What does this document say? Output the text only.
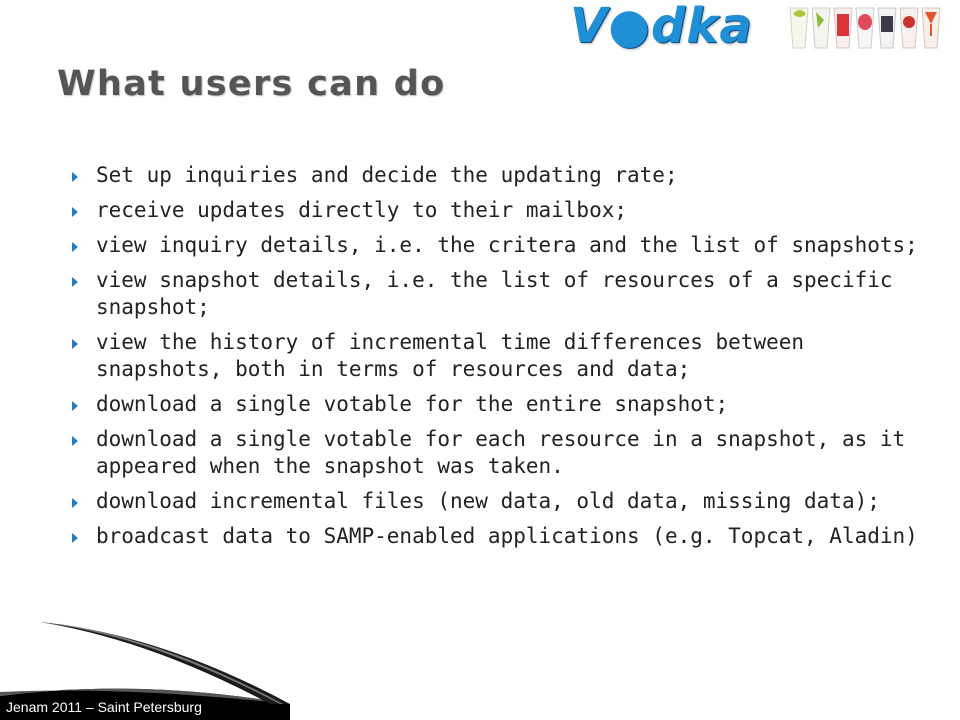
V●dka
What users can do
Set up inquiries and decide the updating rate;
receive updates directly to their mailbox;
view inquiry details, i.e. the critera and the list of snapshots;
view snapshot details, i.e. the list of resources of a specific snapshot;
view the history of incremental time differences between snapshots, both in terms of resources and data;
download a single votable for the entire snapshot;
download a single votable for each resource in a snapshot, as it appeared when the snapshot was taken.
download incremental files (new data, old data, missing data);
broadcast data to SAMP-enabled applications (e.g. Topcat, Aladin)
Jenam 2011 – Saint Petersburg
